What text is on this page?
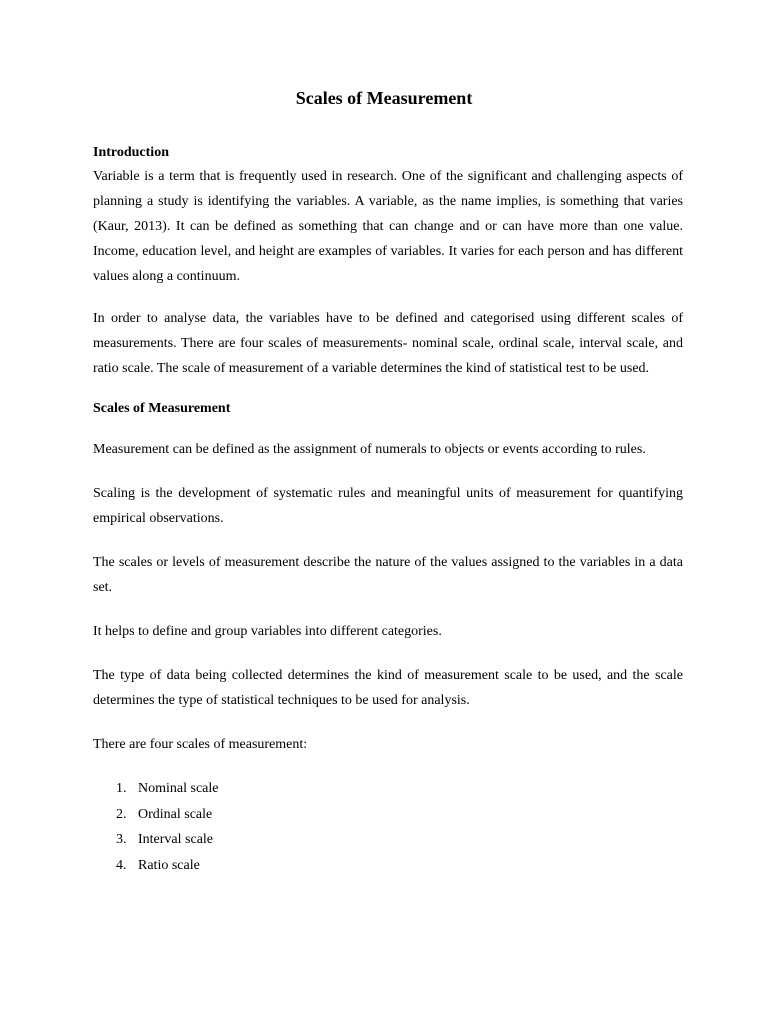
Scales of Measurement

Introduction

Variable is a term that is frequently used in research. One of the significant and challenging aspects of planning a study is identifying the variables. A variable, as the name implies, is something that varies (Kaur, 2013). It can be defined as something that can change and or can have more than one value. Income, education level, and height are examples of variables. It varies for each person and has different values along a continuum.

In order to analyse data, the variables have to be defined and categorised using different scales of measurements. There are four scales of measurements- nominal scale, ordinal scale, interval scale, and ratio scale. The scale of measurement of a variable determines the kind of statistical test to be used.

Scales of Measurement

Measurement can be defined as the assignment of numerals to objects or events according to rules.

Scaling is the development of systematic rules and meaningful units of measurement for quantifying empirical observations.

The scales or levels of measurement describe the nature of the values assigned to the variables in a data set.

It helps to define and group variables into different categories.

The type of data being collected determines the kind of measurement scale to be used, and the scale determines the type of statistical techniques to be used for analysis.

There are four scales of measurement:

1. Nominal scale
2. Ordinal scale
3. Interval scale
4. Ratio scale
